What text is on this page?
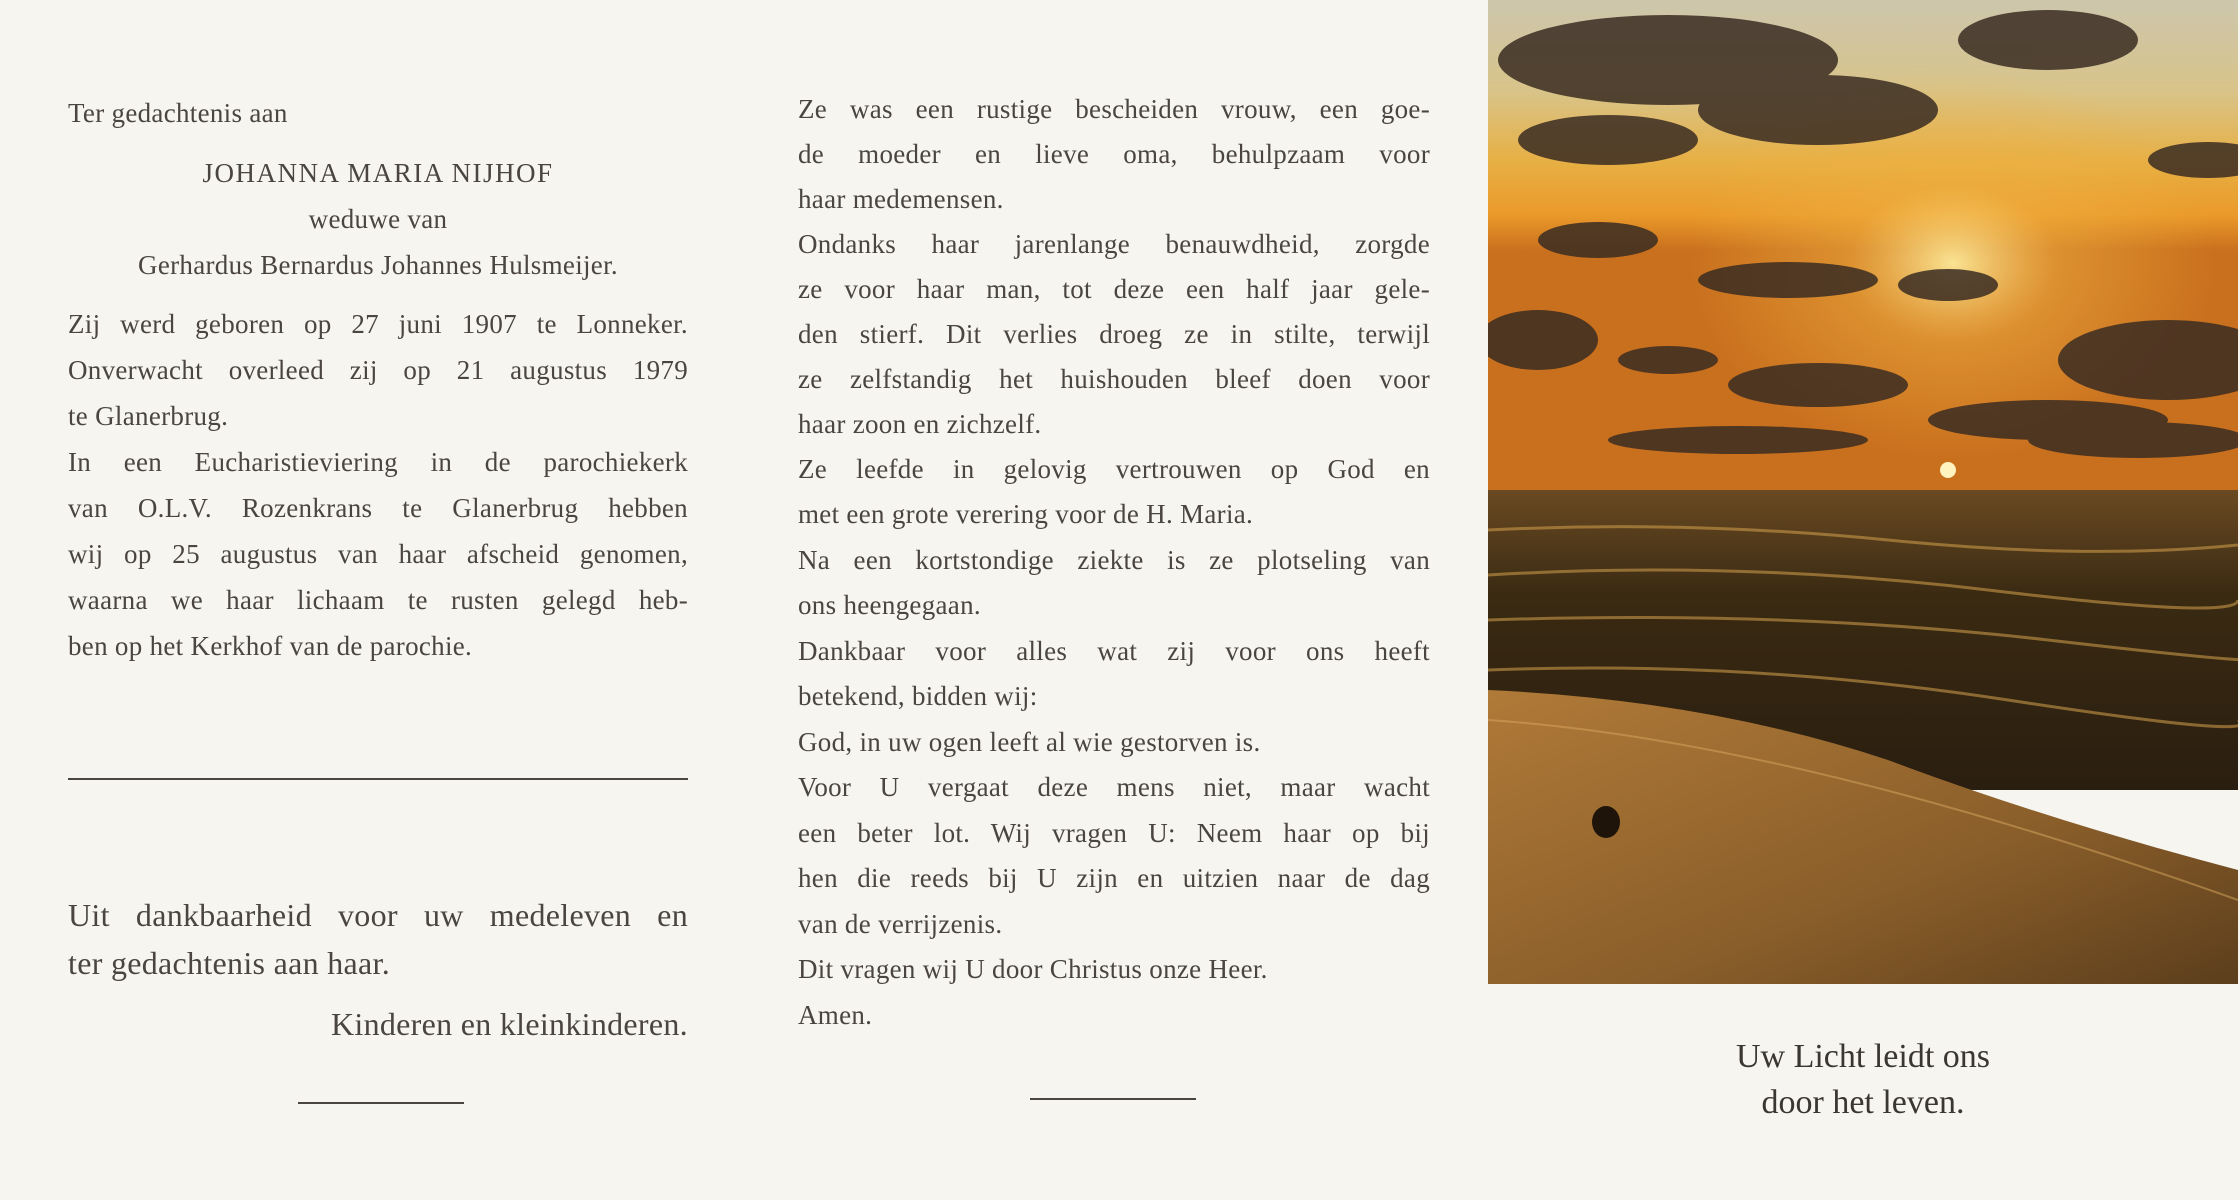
Ter gedachtenis aan
JOHANNA MARIA NIJHOF
weduwe van
Gerhardus Bernardus Johannes Hulsmeijer.
Zij werd geboren op 27 juni 1907 te Lonneker.
Onverwacht overleed zij op 21 augustus 1979
te Glanerbrug.
In een Eucharistieviering in de parochiekerk
van O.L.V. Rozenkrans te Glanerbrug hebben
wij op 25 augustus van haar afscheid genomen,
waarna we haar lichaam te rusten gelegd heb-
ben op het Kerkhof van de parochie.
Uit dankbaarheid voor uw medeleven en
ter gedachtenis aan haar.
Kinderen en kleinkinderen.
Ze was een rustige bescheiden vrouw, een goe-
de moeder en lieve oma, behulpzaam voor
haar medemensen.
Ondanks haar jarenlange benauwdheid, zorgde
ze voor haar man, tot deze een half jaar gele-
den stierf. Dit verlies droeg ze in stilte, terwijl
ze zelfstandig het huishouden bleef doen voor
haar zoon en zichzelf.
Ze leefde in gelovig vertrouwen op God en
met een grote verering voor de H. Maria.
Na een kortstondige ziekte is ze plotseling van
ons heengegaan.
Dankbaar voor alles wat zij voor ons heeft
betekend, bidden wij:
God, in uw ogen leeft al wie gestorven is.
Voor U vergaat deze mens niet, maar wacht
een beter lot. Wij vragen U: Neem haar op bij
hen die reeds bij U zijn en uitzien naar de dag
van de verrijzenis.
Dit vragen wij U door Christus onze Heer.
Amen.
Uw Licht leidt ons
door het leven.
